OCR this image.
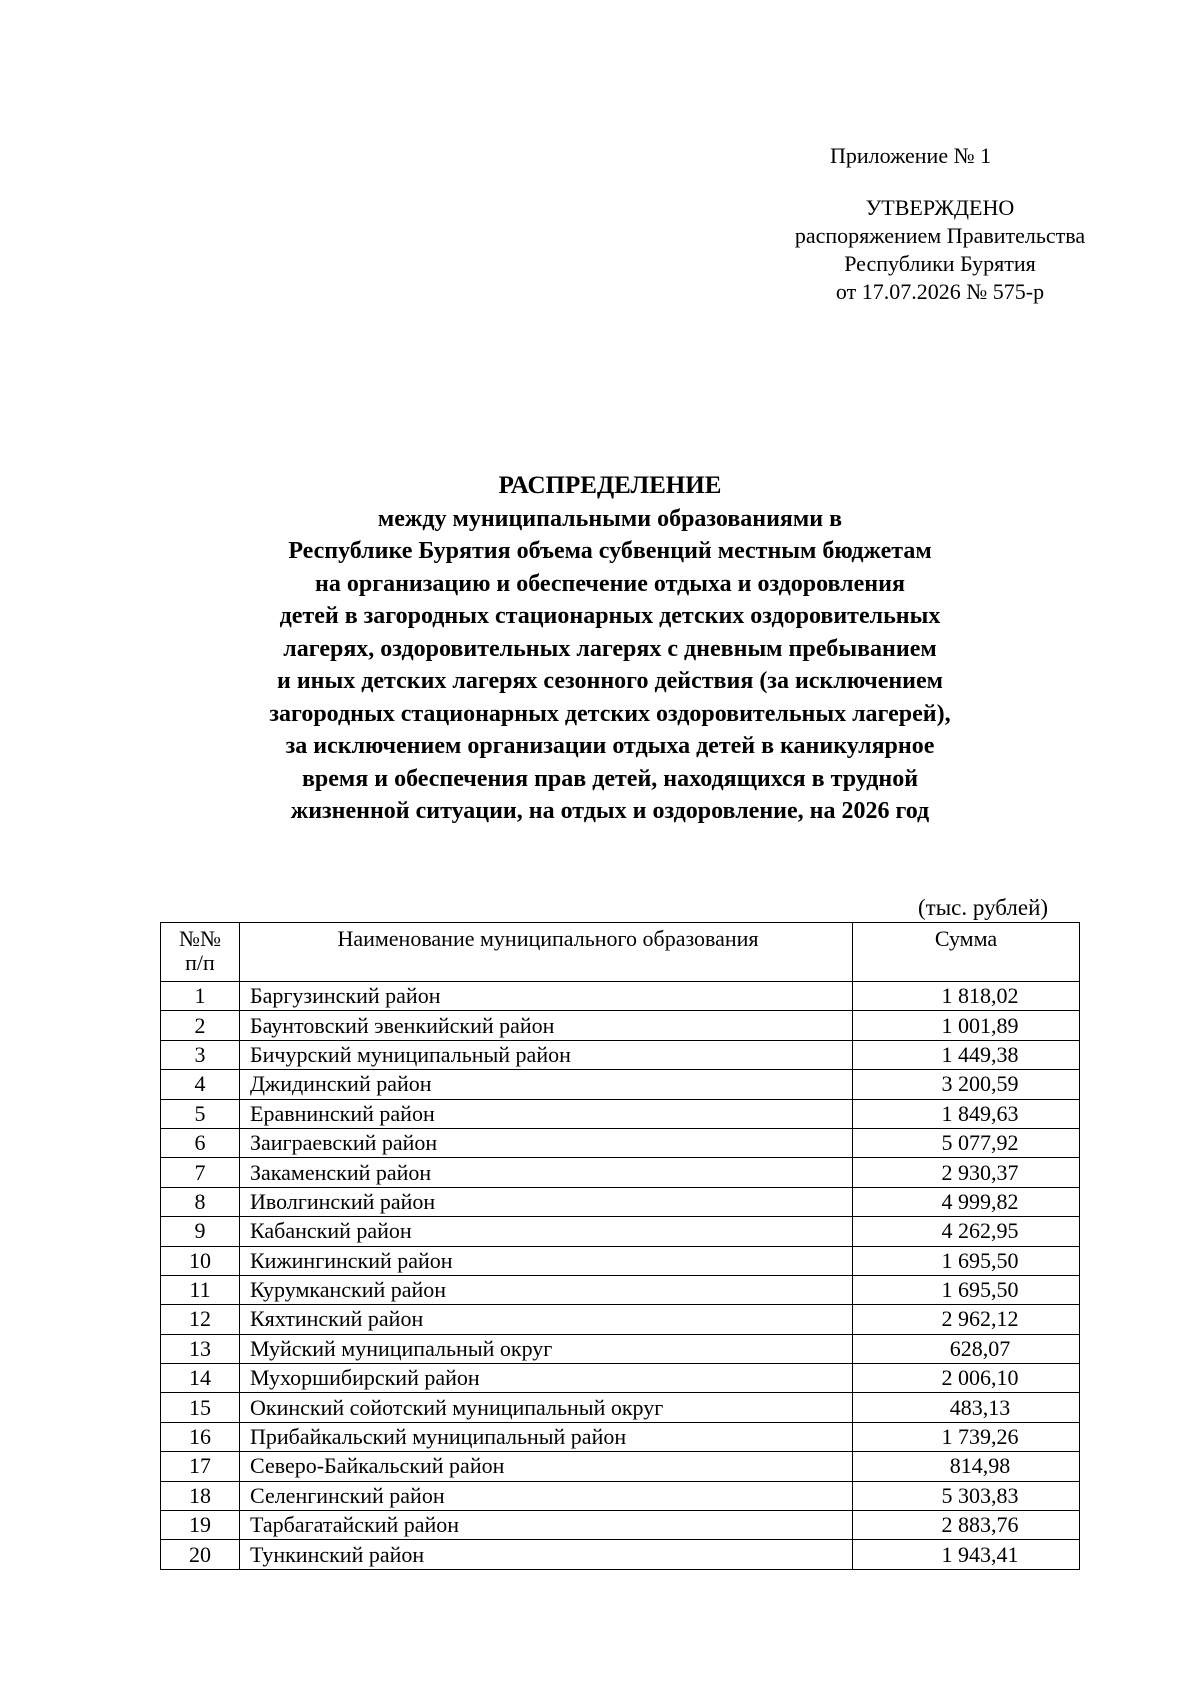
Приложение № 1
УТВЕРЖДЕНО
распоряжением Правительства
Республики Бурятия
от 17.07.2026 № 575-р
РАСПРЕДЕЛЕНИЕ
между муниципальными образованиями в
Республике Бурятия объема субвенций местным бюджетам
на организацию и обеспечение отдыха и оздоровления
детей в загородных стационарных детских оздоровительных
лагерях, оздоровительных лагерях с дневным пребыванием
и иных детских лагерях сезонного действия (за исключением
загородных стационарных детских оздоровительных лагерей),
за исключением организации отдыха детей в каникулярное
время и обеспечения прав детей, находящихся в трудной
жизненной ситуации, на отдых и оздоровление, на 2026 год
(тыс. рублей)
№№
п/п	Наименование муниципального образования	Сумма
1	Баргузинский район	1 818,02
2	Баунтовский эвенкийский район	1 001,89
3	Бичурский муниципальный район	1 449,38
4	Джидинский район	3 200,59
5	Еравнинский район	1 849,63
6	Заиграевский район	5 077,92
7	Закаменский район	2 930,37
8	Иволгинский район	4 999,82
9	Кабанский район	4 262,95
10	Кижингинский район	1 695,50
11	Курумканский район	1 695,50
12	Кяхтинский район	2 962,12
13	Муйский муниципальный округ	628,07
14	Мухоршибирский район	2 006,10
15	Окинский сойотский муниципальный округ	483,13
16	Прибайкальский муниципальный район	1 739,26
17	Северо-Байкальский район	814,98
18	Селенгинский район	5 303,83
19	Тарбагатайский район	2 883,76
20	Тункинский район	1 943,41
